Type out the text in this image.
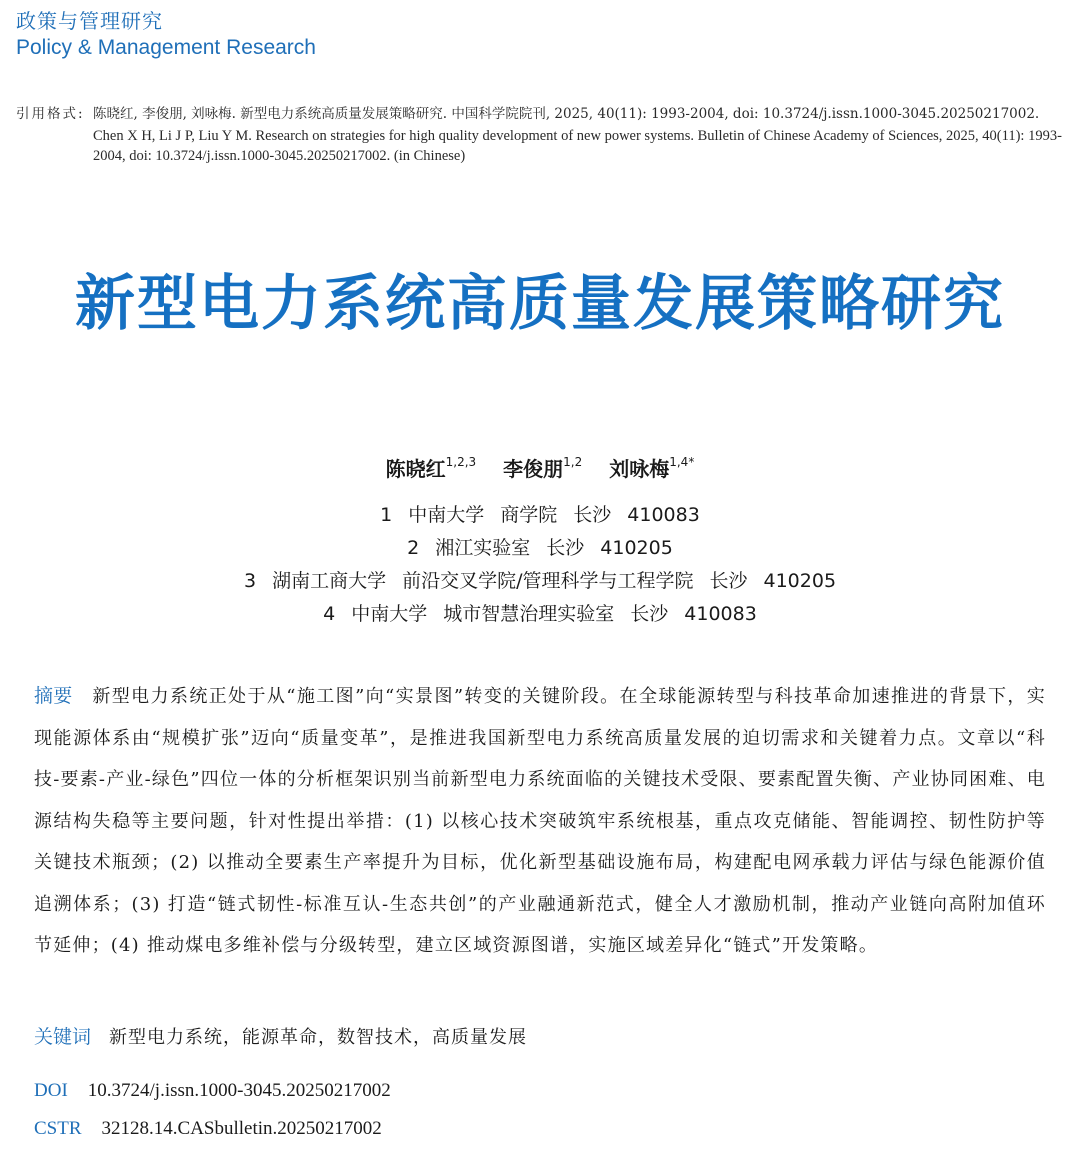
政策与管理研究
Policy & Management Research
引用格式: 陈晓红, 李俊朋, 刘咏梅. 新型电力系统高质量发展策略研究. 中国科学院院刊, 2025, 40(11): 1993-2004, doi: 10.3724/j.issn.1000-3045.20250217002.

Chen X H, Li J P, Liu Y M. Research on strategies for high quality development of new power systems. Bulletin of Chinese Academy of Sciences, 2025, 40(11): 1993-2004, doi: 10.3724/j.issn.1000-3045.20250217002. (in Chinese)

新型电力系统高质量发展策略研究
陈晓红$^{1,2,3}$ 李俊朋$^{1,2}$ 刘咏梅$^{1,4*}$
1 中南大学 商学院 长沙 410083
2 湘江实验室 长沙 410205
3 湖南工商大学 前沿交叉学院/管理科学与工程学院 长沙 410205
4 中南大学 城市智慧治理实验室 长沙 410083
摘要 新型电力系统正处于从“施工图”向“实景图”转变的关键阶段。在全球能源转型与科技革命加速推进的背景下，实现能源体系由“规模扩张”迈向“质量变革”，是推进我国新型电力系统高质量发展的迫切需求和关键着力点。文章以“科技-要素-产业-绿色”四位一体的分析框架识别当前新型电力系统面临的关键技术受限、要素配置失衡、产业协同困难、电源结构失稳等主要问题，针对性提出举措：(1) 以核心技术突破筑牢系统根基，重点攻克储能、智能调控、韧性防护等关键技术瓶颈；(2) 以推动全要素生产率提升为目标，优化新型基础设施布局，构建配电网承载力评估与绿色能源价值追溯体系；(3) 打造“链式韧性-标准互认-生态共创”的产业融通新范式，健全人才激励机制，推动产业链向高附加值环节延伸；(4) 推动煤电多维补偿与分级转型，建立区域资源图谱，实施区域差异化“链式”开发策略。
关键词 新型电力系统，能源革命，数智技术，高质量发展
DOI 10.3724/j.issn.1000-3045.20250217002
CSTR 32128.14.CASbulletin.20250217002
